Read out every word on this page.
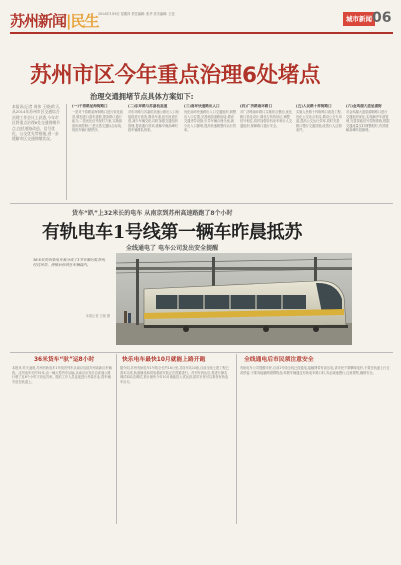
苏州新闻|民生 2014年3月6日 星期四 责任编辑: 张华 美术编辑: 王佳
城市新闻 06
苏州市区今年重点治理6处堵点
治理交通拥堵节点具体方案如下:
本报讯(记者 周伟 王晓)昨天,从2014年苏州市区交通综合治理工作会议上获悉,今年市区将重点治理6处交通拥堵节点,包括道路改造、信号优化、公交优先等措施,进一步缓解市区交通拥堵状况。
(一)干将路星海街路口
一是对干将路星海街路口进行渠化改造,增加进口道车道数,提高路口通行能力;二是优化信号配时方案,实施绿波协调控制;三是完善交通标志标线,规范车辆行驶秩序。
(二)东环路与苏嘉杭高速
对东环路与苏嘉杭高速公路出入口衔接段进行改造,增设车道,延长匝道长度,减少车辆交织,同时加强交通组织管理,提高通行效率,缓解早晚高峰时段车辆排队现象。
(三)南环快速路出入口
优化南环快速路出入口交通组织,调整出入口位置,完善地面道路衔接,增设交通诱导设施,引导车辆合理分流,减少出入口拥堵,提高快速路整体运行效率。
(四)广济路南环路口
对广济路南环路口实施综合整治,优化路口渠化设计,增设左转待转区,调整信号相位,同时加强非机动车和行人交通组织,保障路口通行安全。
(五)人民路十梓街路口
实施人民路十梓街路口改造工程,优化公交站点布局,增设公交专用道,提高公交运行效率,同时完善路口慢行交通设施,改善行人过街条件。
(六)金鸡湖大道星湖街
对金鸡湖大道星湖街路口进行交通组织优化,实施潮汐车道管理,完善智能信号控制系统,根据交通流量实时调整配时,有效缓解高峰时段拥堵。
货车“趴”上32米长的电车 从南京到苏州高速路跑了8个小时
有轨电车1号线第一辆车昨晨抵苏
全线通电了 电车公司发出安全提醒
36米长的有轨电车被分成了3节车厢运抵苏州,经过吊装、拼接后停放在车辆段内。
本报记者 王晓 摄
36米货车“驮”运8小时
本报讯 昨天凌晨,苏州有轨电车1号线首列车从南京运抵苏州高新区车辆段。这列电车长约32米,由一辆大型货车运输,从南京出发后沿高速公路行驶了近8个小时才到达苏州。随后工作人员连夜进行吊装作业,将车辆安放在轨道上。
快乐电车最快10月就能上路开跑
据介绍,苏州有轨电车1号线全长约18公里,共设车站10座,目前全线土建工程已基本完成,轨道铺设和供电系统安装正在抓紧进行。首列车到达后,将进行静态调试和动态调试,预计最快今年10月就能投入试运营,届时市民可以乘坐有轨电车出行。
全线通电后市民须注意安全
有轨电车公司提醒市民,目前1号线全线已经通电,接触网带有高压电,请市民不要攀爬电杆,不要在轨道上行走或停留,不要向接触网抛掷物品;驾驶车辆通过有轨电车路口时,务必减速慢行,注意观察,确保安全。
